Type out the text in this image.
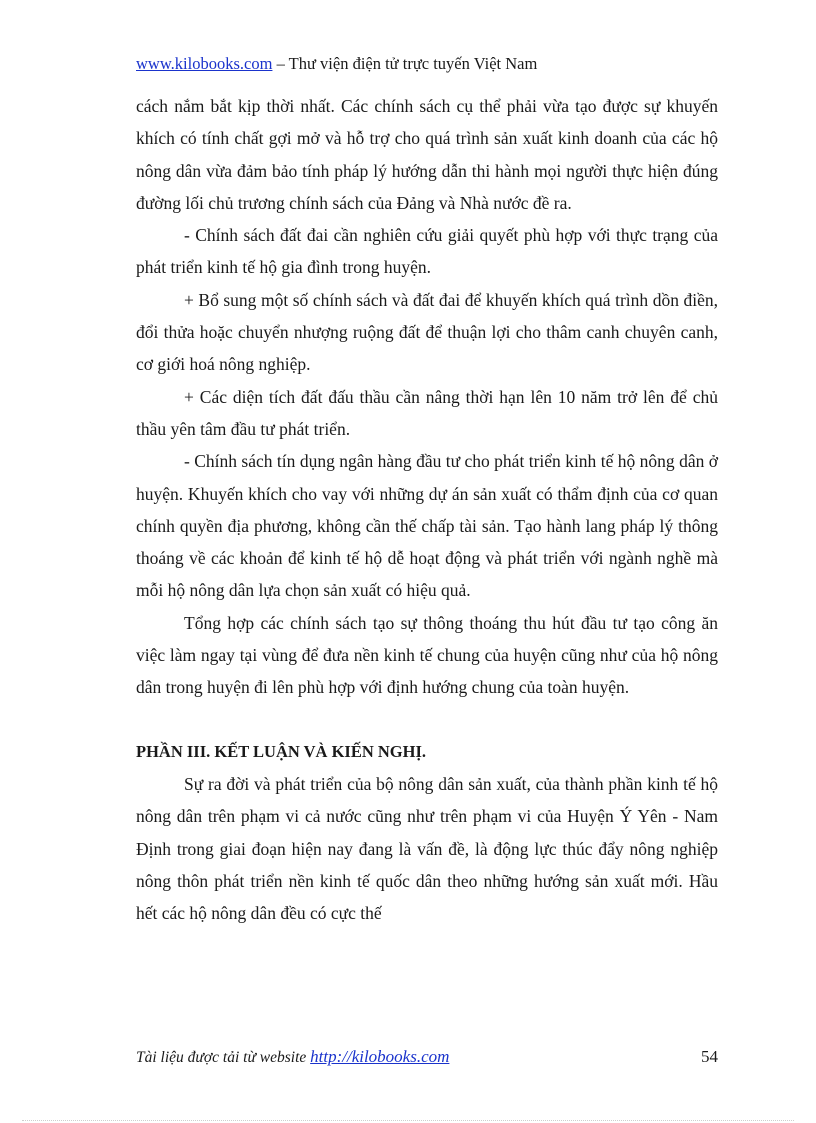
www.kilobooks.com – Thư viện điện tử trực tuyến Việt Nam

cách nắm bắt kịp thời nhất. Các chính sách cụ thể phải vừa tạo được sự khuyến khích có tính chất gợi mở và hỗ trợ cho quá trình sản xuất kinh doanh của các hộ nông dân vừa đảm bảo tính pháp lý hướng dẫn thi hành mọi người thực hiện đúng đường lối chủ trương chính sách của Đảng và Nhà nước đề ra.

- Chính sách đất đai cần nghiên cứu giải quyết phù hợp với thực trạng của phát triển kinh tế hộ gia đình trong huyện.

+ Bổ sung một số chính sách và đất đai để khuyến khích quá trình dồn điền, đổi thửa hoặc chuyển nhượng ruộng đất để thuận lợi cho thâm canh chuyên canh, cơ giới hoá nông nghiệp.

+ Các diện tích đất đấu thầu cần nâng thời hạn lên 10 năm trở lên để chủ thầu yên tâm đầu tư phát triển.

- Chính sách tín dụng ngân hàng đầu tư cho phát triển kinh tế hộ nông dân ở huyện. Khuyến khích cho vay với những dự án sản xuất có thẩm định của cơ quan chính quyền địa phương, không cần thế chấp tài sản. Tạo hành lang pháp lý thông thoáng về các khoản để kinh tế hộ dễ hoạt động và phát triển với ngành nghề mà mỗi hộ nông dân lựa chọn sản xuất có hiệu quả.

Tổng hợp các chính sách tạo sự thông thoáng thu hút đầu tư tạo công ăn việc làm ngay tại vùng để đưa nền kinh tế chung của huyện cũng như của hộ nông dân trong huyện đi lên phù hợp với định hướng chung của toàn huyện.

PHẦN III. KẾT LUẬN VÀ KIẾN NGHỊ.

Sự ra đời và phát triển của bộ nông dân sản xuất, của thành phần kinh tế hộ nông dân trên phạm vi cả nước cũng như trên phạm vi của Huyện Ý Yên - Nam Định trong giai đoạn hiện nay đang là vấn đề, là động lực thúc đẩy nông nghiệp nông thôn phát triển nền kinh tế quốc dân theo những hướng sản xuất mới. Hầu hết các hộ nông dân đều có cực thế

Tài liệu được tải từ website http://kilobooks.com	54
